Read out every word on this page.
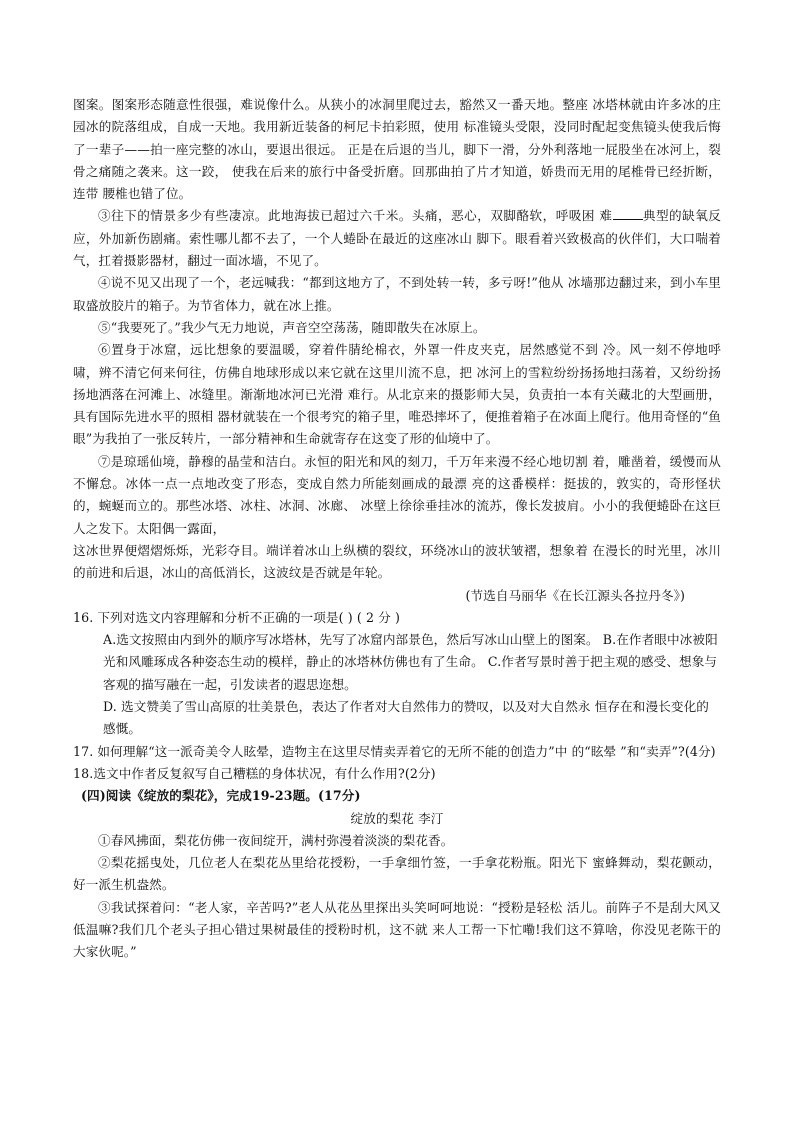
图案。图案形态随意性很强，难说像什么。从狭小的冰洞里爬过去，豁然又一番天地。整座 冰塔林就由许多冰的庄园冰的院落组成，自成一天地。我用新近装备的柯尼卡拍彩照，使用 标准镜头受限，没同时配起变焦镜头使我后悔了一辈子——拍一座完整的冰山，要退出很远。 正是在后退的当儿，脚下一滑，分外利落地一屁股坐在冰河上，裂骨之痛随之袭来。这一跤， 使我在后来的旅行中备受折磨。回那曲拍了片才知道，娇贵而无用的尾椎骨已经折断，连带 腰椎也错了位。

③往下的情景多少有些凄凉。此地海拔已超过六千米。头痛，恶心，双脚酪软，呼吸困 难 典型的缺氧反应，外加新伤剧痛。索性哪儿都不去了，一个人蜷卧在最近的这座冰山 脚下。眼看着兴致极高的伙伴们，大口喘着气，扛着摄影器材，翻过一面冰墙，不见了。

④说不见又出现了一个，老远喊我：“都到这地方了，不到处转一转，多亏呀!”他从 冰墙那边翻过来，到小车里取盛放胶片的箱子。为节省体力，就在冰上推。

⑤“我要死了。”我少气无力地说，声音空空荡荡，随即散失在冰原上。

⑥置身于冰窟，远比想象的要温暖，穿着件腈纶棉衣，外罩一件皮夹克，居然感觉不到 冷。风一刻不停地呼啸，辨不清它何来何往，仿佛自地球形成以来它就在这里川流不息，把 冰河上的雪粒纷纷扬扬地扫荡着，又纷纷扬扬地洒落在河滩上、冰缝里。渐渐地冰河已光滑 难行。从北京来的摄影师大吴，负责拍一本有关藏北的大型画册，具有国际先进水平的照相 器材就装在一个很考究的箱子里，唯恐摔坏了，便推着箱子在冰面上爬行。他用奇怪的“鱼 眼”为我拍了一张反转片，一部分精神和生命就寄存在这变了形的仙境中了。

⑦是琼瑶仙境，静穆的晶莹和洁白。永恒的阳光和风的刻刀，千万年来漫不经心地切割 着，雕凿着，缓慢而从不懈怠。冰体一点一点地改变了形态，变成自然力所能刻画成的最漂 亮的这番模样：挺拔的，敦实的，奇形怪状的，蜿蜒而立的。那些冰塔、冰柱、冰洞、冰廊、 冰壁上徐徐垂挂冰的流苏，像长发披肩。小小的我便蜷卧在这巨人之发下。太阳偶一露面，

这冰世界便熠熠烁烁，光彩夺目。端详着冰山上纵横的裂纹，环绕冰山的波状皱褶，想象着 在漫长的时光里，冰川的前进和后退，冰山的高低消长，这波纹是否就是年轮。

(节选自马丽华《在长江源头各拉丹冬》)

16. 下列对选文内容理解和分析不正确的一项是( ) ( 2 分 )

A.选文按照由内到外的顺序写冰塔林，先写了冰窟内部景色，然后写冰山山壁上的图案。 B.在作者眼中冰被阳光和风雕琢成各种姿态生动的模样，静止的冰塔林仿佛也有了生命。 C.作者写景时善于把主观的感受、想象与客观的描写融在一起，引发读者的遐思迩想。

D. 选文赞美了雪山高原的壮美景色，表达了作者对大自然伟力的赞叹，以及对大自然永 恒存在和漫长变化的感慨。

17. 如何理解“这一派奇美令人眩晕，造物主在这里尽情卖弄着它的无所不能的创造力”中 的“眩晕 ”和“卖弄”?(4分)

18.选文中作者反复叙写自己糟糕的身体状况，有什么作用?(2分)

(四)阅读《绽放的梨花》，完成19-23题。(17分)

绽放的梨花 李汀

①春风拂面，梨花仿佛一夜间绽开，满村弥漫着淡淡的梨花香。

②梨花摇曳处，几位老人在梨花丛里给花授粉，一手拿细竹签，一手拿花粉瓶。阳光下 蜜蜂舞动，梨花颤动，好一派生机盎然。

③我试探着问：“老人家，辛苦吗?”老人从花丛里探出头笑呵呵地说：“授粉是轻松 活儿。前阵子不是刮大风又低温嘛?我们几个老头子担心错过果树最佳的授粉时机，这不就 来人工帮一下忙嘞!我们这不算啥，你没见老陈干的大家伙呢。”
